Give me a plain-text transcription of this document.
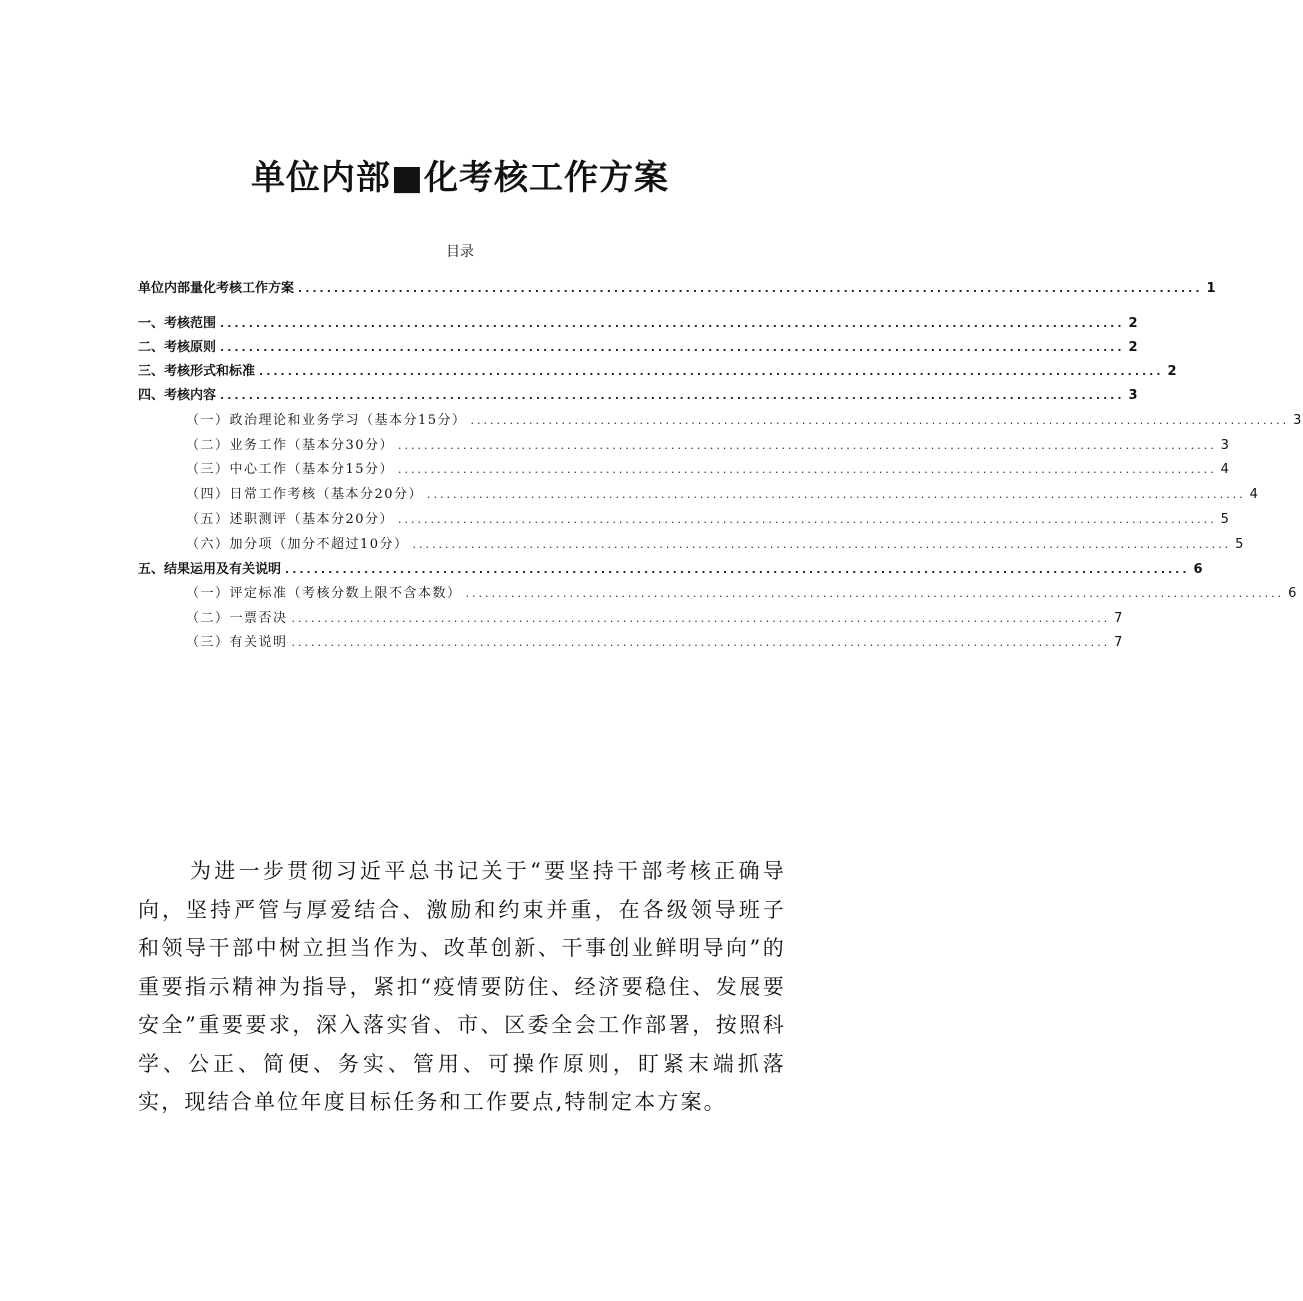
单位内部■化考核工作方案
目录
单位内部量化考核工作方案 .............................................................................................................................. 1
一、考核范围 .............................................................................................................................. 2
二、考核原则 .............................................................................................................................. 2
三、考核形式和标准 .............................................................................................................................. 2
四、考核内容 .............................................................................................................................. 3
（一）政治理论和业务学习（基本分15分） .............................................................................................................................. 3
（二）业务工作（基本分30分） .............................................................................................................................. 3
（三）中心工作（基本分15分） .............................................................................................................................. 4
（四）日常工作考核（基本分20分） .............................................................................................................................. 4
（五）述职测评（基本分20分） .............................................................................................................................. 5
（六）加分项（加分不超过10分） .............................................................................................................................. 5
五、结果运用及有关说明 .............................................................................................................................. 6
（一）评定标准（考核分数上限不含本数） .............................................................................................................................. 6
（二）一票否决 .............................................................................................................................. 7
（三）有关说明 .............................................................................................................................. 7

为进一步贯彻习近平总书记关于“要坚持干部考核正确导向，坚持严管与厚爱结合、激励和约束并重，在各级领导班子和领导干部中树立担当作为、改革创新、干事创业鲜明导向”的重要指示精神为指导，紧扣“疫情要防住、经济要稳住、发展要安全”重要要求，深入落实省、市、区委全会工作部署，按照科学、公正、简便、务实、管用、可操作原则，盯紧末端抓落实，现结合单位年度目标任务和工作要点,特制定本方案。
